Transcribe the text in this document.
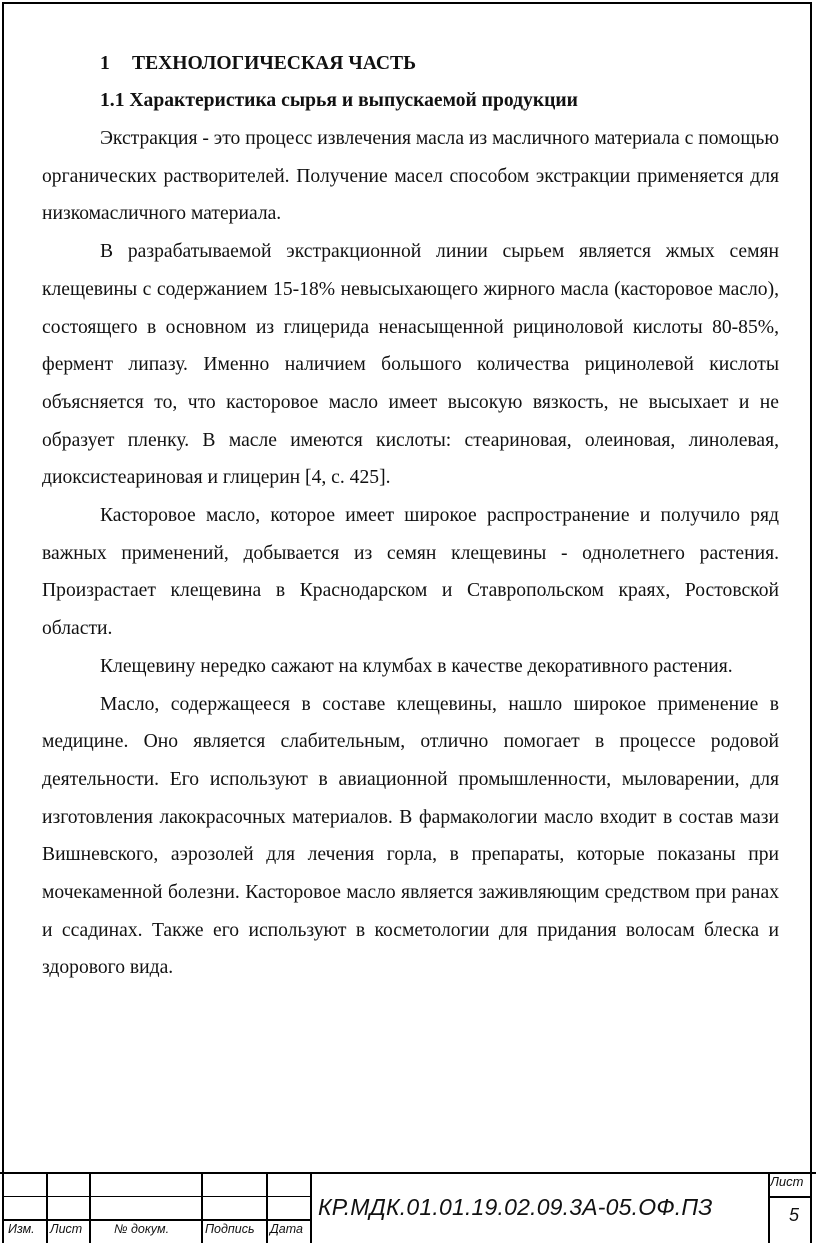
1 ТЕХНОЛОГИЧЕСКАЯ ЧАСТЬ
1.1 Характеристика сырья и выпускаемой продукции

Экстракция - это процесс извлечения масла из масличного материала с помощью органических растворителей. Получение масел способом экстракции применяется для низкомасличного материала.

В разрабатываемой экстракционной линии сырьем является жмых семян клещевины с содержанием 15-18% невысыхающего жирного масла (касторовое масло), состоящего в основном из глицерида ненасыщенной рициноловой кислоты 80-85%, фермент липазу. Именно наличием большого количества рицинолевой кислоты объясняется то, что касторовое масло имеет высокую вязкость, не высыхает и не образует пленку. В масле имеются кислоты: стеариновая, олеиновая, линолевая, диоксистеариновая и глицерин [4, с. 425].

Касторовое масло, которое имеет широкое распространение и получило ряд важных применений, добывается из семян клещевины - однолетнего растения. Произрастает клещевина в Краснодарском и Ставропольском краях, Ростовской области.

Клещевину нередко сажают на клумбах в качестве декоративного растения.

Масло, содержащееся в составе клещевины, нашло широкое применение в медицине. Оно является слабительным, отлично помогает в процессе родовой деятельности. Его используют в авиационной промышленности, мыловарении, для изготовления лакокрасочных материалов. В фармакологии масло входит в состав мази Вишневского, аэрозолей для лечения горла, в препараты, которые показаны при мочекаменной болезни. Касторовое масло является заживляющим средством при ранах и ссадинах. Также его используют в косметологии для придания волосам блеска и здорового вида.

Изм. Лист	№ докум.	Подпись Дата
КР.МДК.01.01.19.02.09.3А-05.ОФ.ПЗ
Лист
5
